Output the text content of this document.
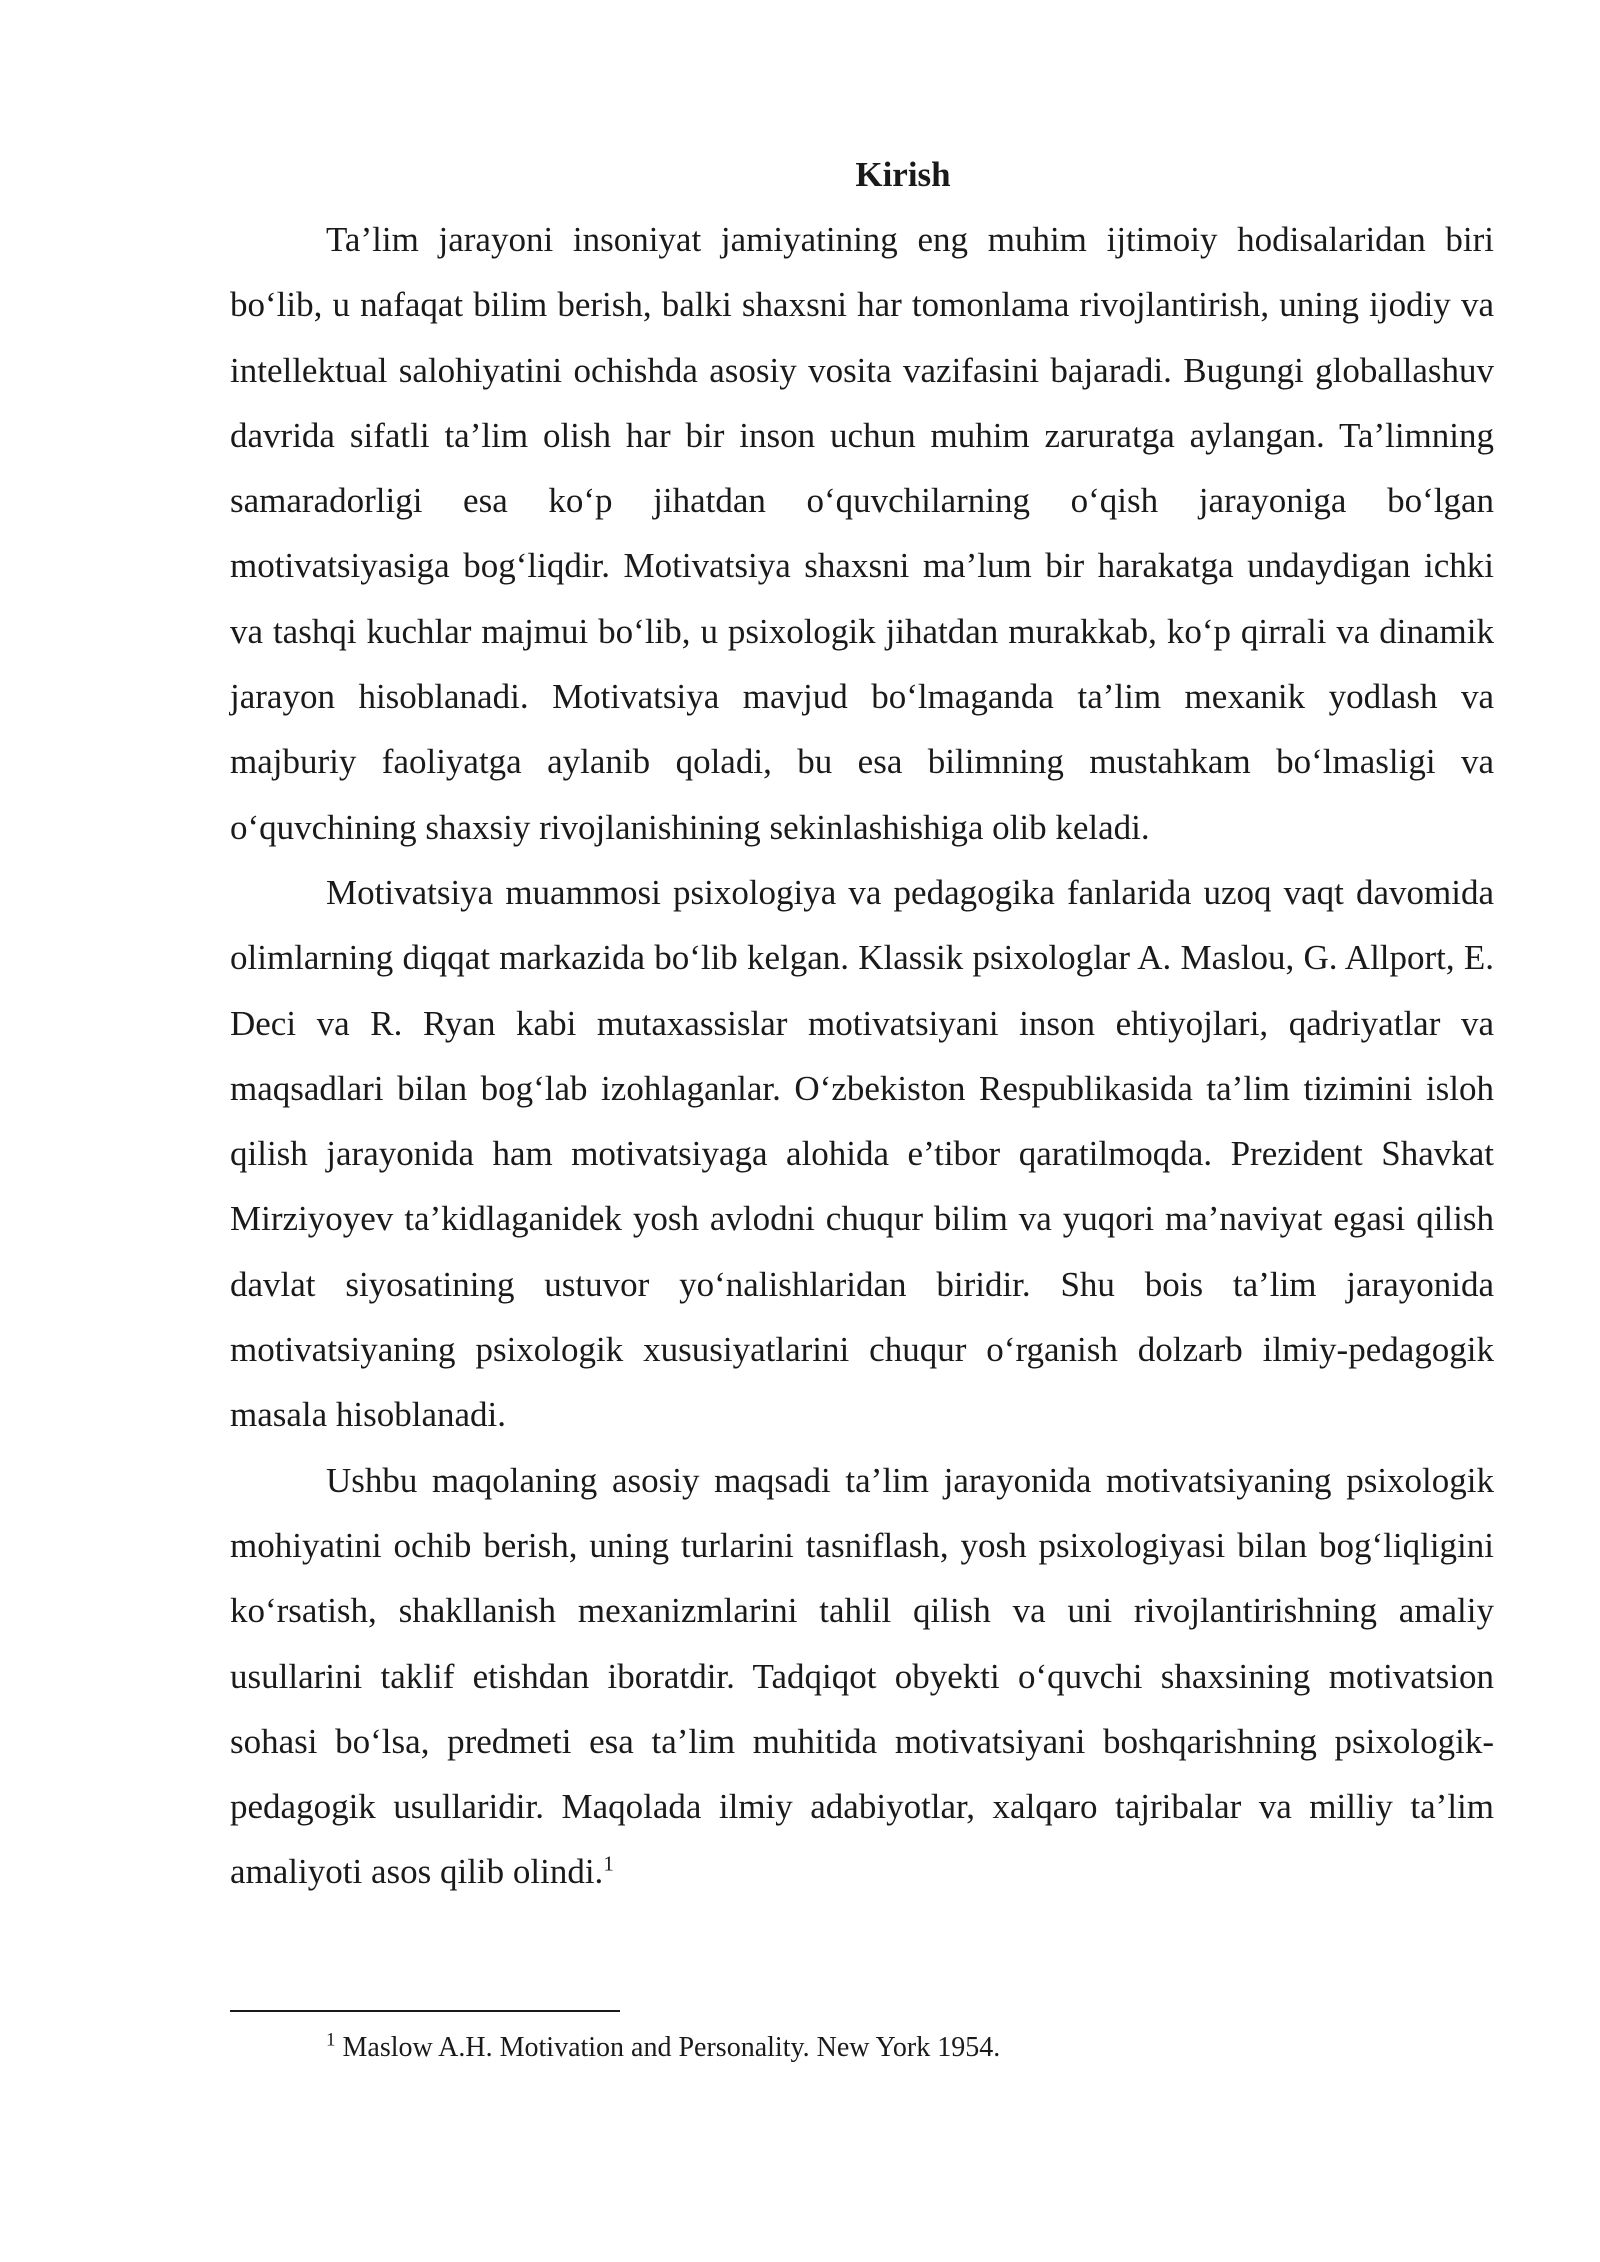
Kirish

Ta’lim jarayoni insoniyat jamiyatining eng muhim ijtimoiy hodisalaridan biri bo‘lib, u nafaqat bilim berish, balki shaxsni har tomonlama rivojlantirish, uning ijodiy va intellektual salohiyatini ochishda asosiy vosita vazifasini bajaradi. Bugungi globallashuv davrida sifatli ta’lim olish har bir inson uchun muhim zaruratga aylangan. Ta’limning samaradorligi esa ko‘p jihatdan o‘quvchilarning o‘qish jarayoniga bo‘lgan motivatsiyasiga bog‘liqdir. Motivatsiya shaxsni ma’lum bir harakatga undaydigan ichki va tashqi kuchlar majmui bo‘lib, u psixologik jihatdan murakkab, ko‘p qirrali va dinamik jarayon hisoblanadi. Motivatsiya mavjud bo‘lmaganda ta’lim mexanik yodlash va majburiy faoliyatga aylanib qoladi, bu esa bilimning mustahkam bo‘lmasligi va o‘quvchining shaxsiy rivojlanishining sekinlashishiga olib keladi.

Motivatsiya muammosi psixologiya va pedagogika fanlarida uzoq vaqt davomida olimlarning diqqat markazida bo‘lib kelgan. Klassik psixologlar A. Maslou, G. Allport, E. Deci va R. Ryan kabi mutaxassislar motivatsiyani inson ehtiyojlari, qadriyatlar va maqsadlari bilan bog‘lab izohlaganlar. O‘zbekiston Respublikasida ta’lim tizimini isloh qilish jarayonida ham motivatsiyaga alohida e’tibor qaratilmoqda. Prezident Shavkat Mirziyoyev ta’kidlaganidek yosh avlodni chuqur bilim va yuqori ma’naviyat egasi qilish davlat siyosatining ustuvor yo‘nalishlaridan biridir. Shu bois ta’lim jarayonida motivatsiyaning psixologik xususiyatlarini chuqur o‘rganish dolzarb ilmiy-pedagogik masala hisoblanadi.

Ushbu maqolaning asosiy maqsadi ta’lim jarayonida motivatsiyaning psixologik mohiyatini ochib berish, uning turlarini tasniflash, yosh psixologiyasi bilan bog‘liqligini ko‘rsatish, shakllanish mexanizmlarini tahlil qilish va uni rivojlantirishning amaliy usullarini taklif etishdan iboratdir. Tadqiqot obyekti o‘quvchi shaxsining motivatsion sohasi bo‘lsa, predmeti esa ta’lim muhitida motivatsiyani boshqarishning psixologik-pedagogik usullaridir. Maqolada ilmiy adabiyotlar, xalqaro tajribalar va milliy ta’lim amaliyoti asos qilib olindi.$^1$

$^1$ Maslow A.H. Motivation and Personality. New York 1954.
